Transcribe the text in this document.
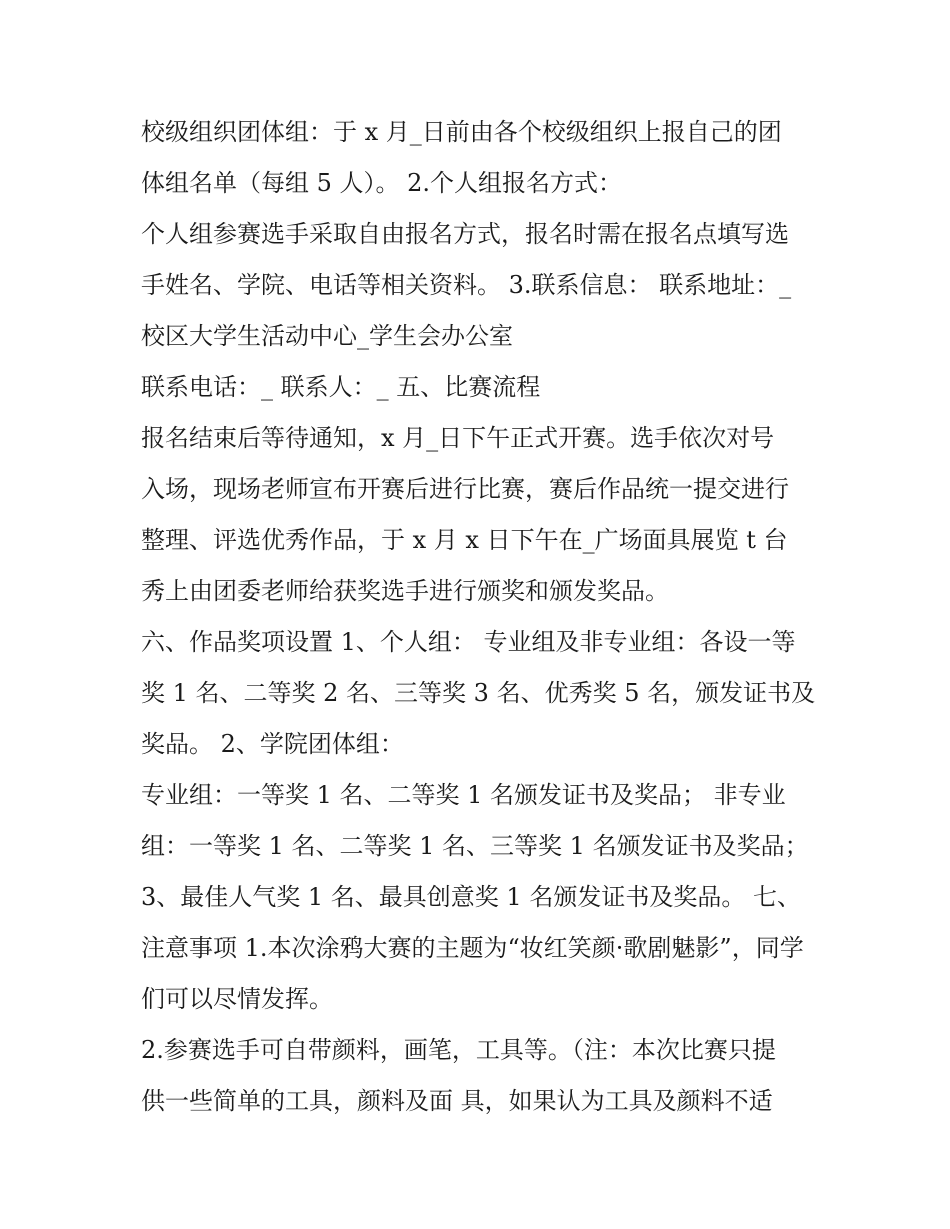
校级组织团体组：于 x 月_日前由各个校级组织上报自己的团
体组名单（每组 5 人）。 2.个人组报名方式：
个人组参赛选手采取自由报名方式，报名时需在报名点填写选
手姓名、学院、电话等相关资料。 3.联系信息： 联系地址：_
校区大学生活动中心_学生会办公室
联系电话：_ 联系人：_ 五、比赛流程
报名结束后等待通知，x 月_日下午正式开赛。选手依次对号
入场，现场老师宣布开赛后进行比赛，赛后作品统一提交进行
整理、评选优秀作品，于 x 月 x 日下午在_广场面具展览 t 台
秀上由团委老师给获奖选手进行颁奖和颁发奖品。
六、作品奖项设置 1、个人组： 专业组及非专业组：各设一等
奖 1 名、二等奖 2 名、三等奖 3 名、优秀奖 5 名，颁发证书及
奖品。 2、学院团体组：
专业组：一等奖 1 名、二等奖 1 名颁发证书及奖品； 非专业
组：一等奖 1 名、二等奖 1 名、三等奖 1 名颁发证书及奖品；
3、最佳人气奖 1 名、最具创意奖 1 名颁发证书及奖品。 七、
注意事项 1.本次涂鸦大赛的主题为“妆红笑颜·歌剧魅影”，同学
们可以尽情发挥。
2.参赛选手可自带颜料，画笔，工具等。（注：本次比赛只提
供一些简单的工具，颜料及面 具，如果认为工具及颜料不适
